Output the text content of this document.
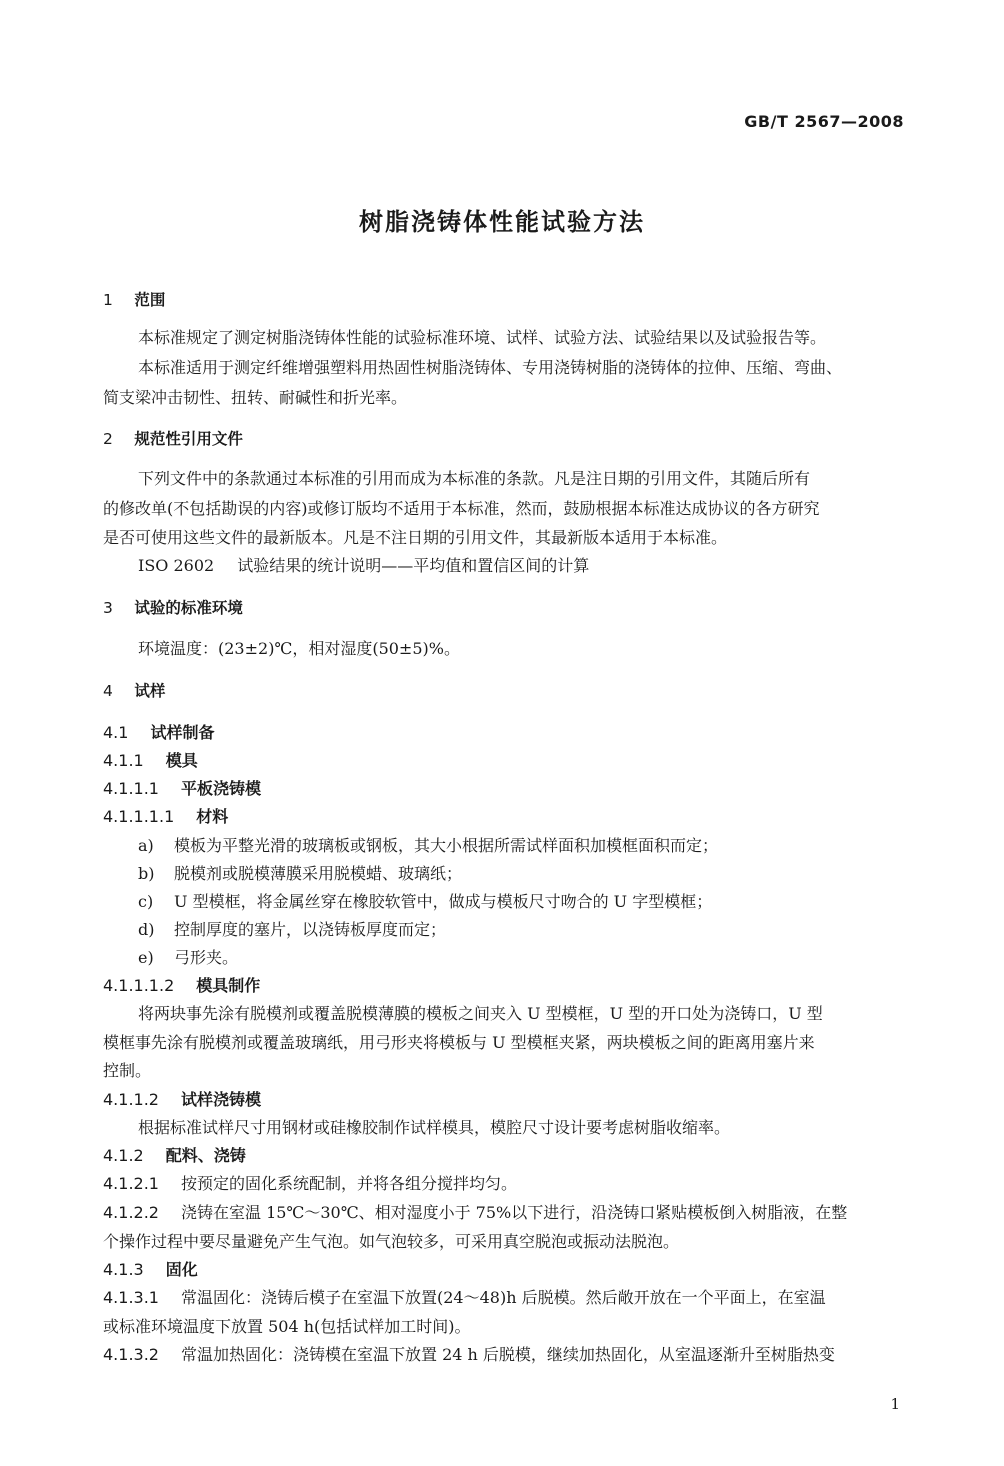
GB/T 2567—2008
树脂浇铸体性能试验方法
1 范围
本标准规定了测定树脂浇铸体性能的试验标准环境、试样、试验方法、试验结果以及试验报告等。
本标准适用于测定纤维增强塑料用热固性树脂浇铸体、专用浇铸树脂的浇铸体的拉伸、压缩、弯曲、
简支梁冲击韧性、扭转、耐碱性和折光率。
2 规范性引用文件
下列文件中的条款通过本标准的引用而成为本标准的条款。凡是注日期的引用文件，其随后所有
的修改单(不包括勘误的内容)或修订版均不适用于本标准，然而，鼓励根据本标准达成协议的各方研究
是否可使用这些文件的最新版本。凡是不注日期的引用文件，其最新版本适用于本标准。
ISO 2602 试验结果的统计说明——平均值和置信区间的计算
3 试验的标准环境
环境温度：(23±2)℃，相对湿度(50±5)%。
4 试样
4.1 试样制备
4.1.1 模具
4.1.1.1 平板浇铸模
4.1.1.1.1 材料
a) 模板为平整光滑的玻璃板或钢板，其大小根据所需试样面积加模框面积而定；
b) 脱模剂或脱模薄膜采用脱模蜡、玻璃纸；
c) U 型模框，将金属丝穿在橡胶软管中，做成与模板尺寸吻合的 U 字型模框；
d) 控制厚度的塞片，以浇铸板厚度而定；
e) 弓形夹。
4.1.1.1.2 模具制作
将两块事先涂有脱模剂或覆盖脱模薄膜的模板之间夹入 U 型模框，U 型的开口处为浇铸口，U 型
模框事先涂有脱模剂或覆盖玻璃纸，用弓形夹将模板与 U 型模框夹紧，两块模板之间的距离用塞片来
控制。
4.1.1.2 试样浇铸模
根据标准试样尺寸用钢材或硅橡胶制作试样模具，模腔尺寸设计要考虑树脂收缩率。
4.1.2 配料、浇铸
4.1.2.1 按预定的固化系统配制，并将各组分搅拌均匀。
4.1.2.2 浇铸在室温 15℃～30℃、相对湿度小于 75%以下进行，沿浇铸口紧贴模板倒入树脂液，在整
个操作过程中要尽量避免产生气泡。如气泡较多，可采用真空脱泡或振动法脱泡。
4.1.3 固化
4.1.3.1 常温固化：浇铸后模子在室温下放置(24～48)h 后脱模。然后敞开放在一个平面上，在室温
或标准环境温度下放置 504 h(包括试样加工时间)。
4.1.3.2 常温加热固化：浇铸模在室温下放置 24 h 后脱模，继续加热固化，从室温逐渐升至树脂热变
1
